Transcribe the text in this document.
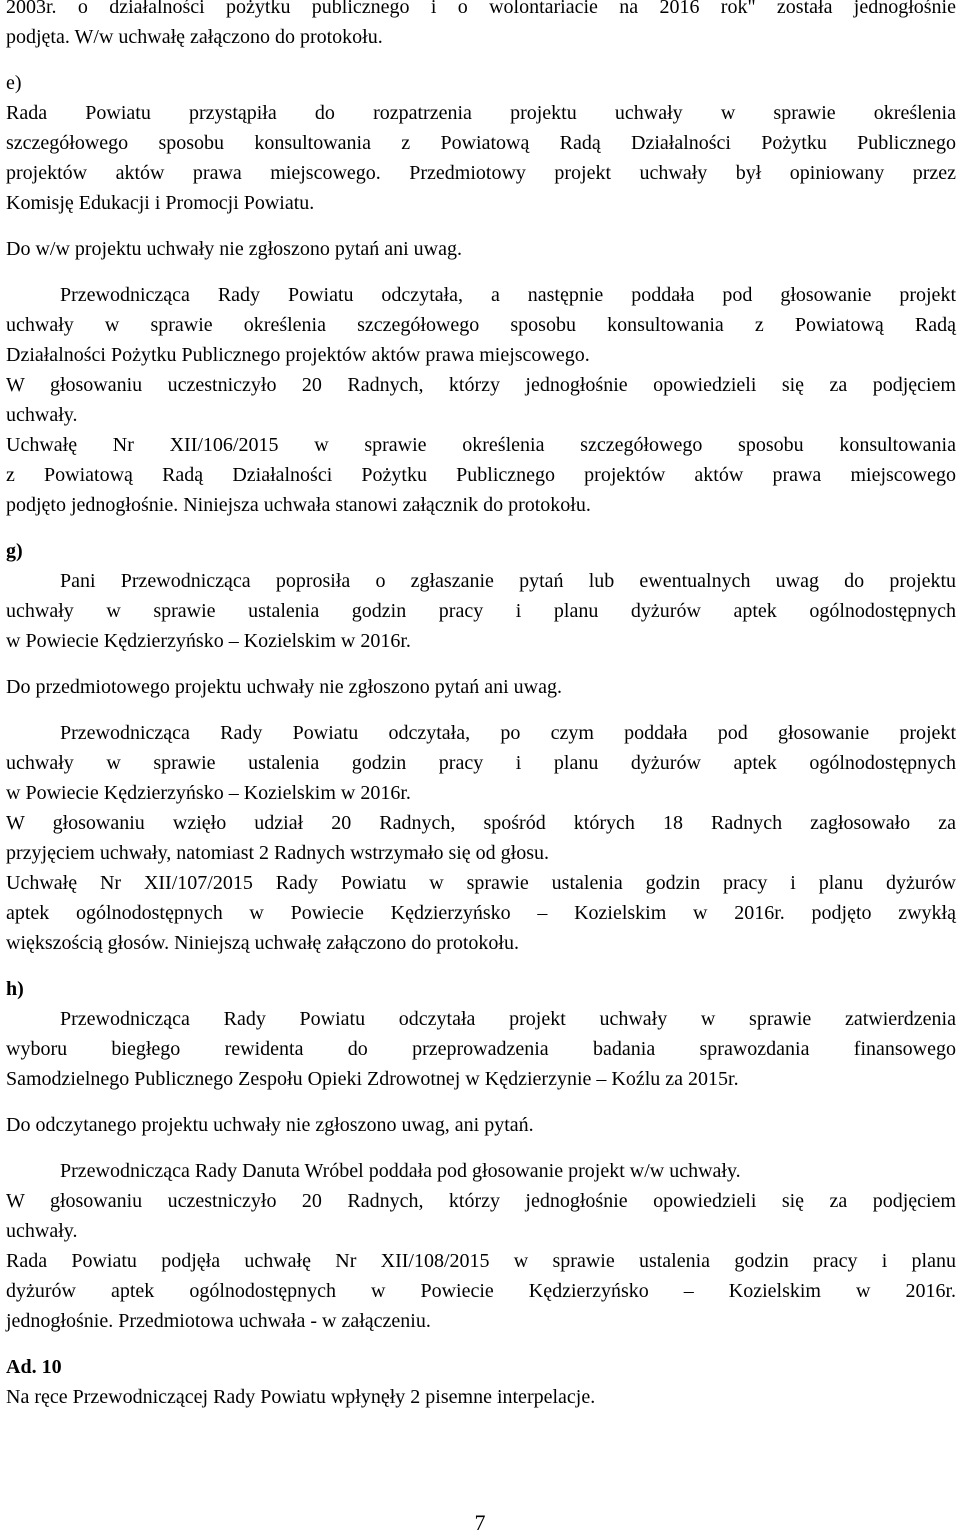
2003r. o działalności pożytku publicznego i o wolontariacie na 2016 rok" została jednogłośnie
podjęta. W/w uchwałę załączono do protokołu.
e)
Rada Powiatu przystąpiła do rozpatrzenia projektu uchwały w sprawie określenia
szczegółowego sposobu konsultowania z Powiatową Radą Działalności Pożytku Publicznego
projektów aktów prawa miejscowego. Przedmiotowy projekt uchwały był opiniowany przez
Komisję Edukacji i Promocji Powiatu.
Do w/w projektu uchwały nie zgłoszono pytań ani uwag.
Przewodnicząca Rady Powiatu odczytała, a następnie poddała pod głosowanie projekt
uchwały w sprawie określenia szczegółowego sposobu konsultowania z Powiatową Radą
Działalności Pożytku Publicznego projektów aktów prawa miejscowego.
W głosowaniu uczestniczyło 20 Radnych, którzy jednogłośnie opowiedzieli się za podjęciem
uchwały.
Uchwałę Nr XII/106/2015 w sprawie określenia szczegółowego sposobu konsultowania
z Powiatową Radą Działalności Pożytku Publicznego projektów aktów prawa miejscowego
podjęto jednogłośnie. Niniejsza uchwała stanowi załącznik do protokołu.
g)
Pani Przewodnicząca poprosiła o zgłaszanie pytań lub ewentualnych uwag do projektu
uchwały w sprawie ustalenia godzin pracy i planu dyżurów aptek ogólnodostępnych
w Powiecie Kędzierzyńsko – Kozielskim w 2016r.
Do przedmiotowego projektu uchwały nie zgłoszono pytań ani uwag.
Przewodnicząca Rady Powiatu odczytała, po czym poddała pod głosowanie projekt
uchwały w sprawie ustalenia godzin pracy i planu dyżurów aptek ogólnodostępnych
w Powiecie Kędzierzyńsko – Kozielskim w 2016r.
W głosowaniu wzięło udział 20 Radnych, spośród których 18 Radnych zagłosowało za
przyjęciem uchwały, natomiast 2 Radnych wstrzymało się od głosu.
Uchwałę Nr XII/107/2015 Rady Powiatu w sprawie ustalenia godzin pracy i planu dyżurów
aptek ogólnodostępnych w Powiecie Kędzierzyńsko – Kozielskim w 2016r. podjęto zwykłą
większością głosów. Niniejszą uchwałę załączono do protokołu.
h)
Przewodnicząca Rady Powiatu odczytała projekt uchwały w sprawie zatwierdzenia
wyboru biegłego rewidenta do przeprowadzenia badania sprawozdania finansowego
Samodzielnego Publicznego Zespołu Opieki Zdrowotnej w Kędzierzynie – Koźlu za 2015r.
Do odczytanego projektu uchwały nie zgłoszono uwag, ani pytań.
Przewodnicząca Rady Danuta Wróbel poddała pod głosowanie projekt w/w uchwały.
W głosowaniu uczestniczyło 20 Radnych, którzy jednogłośnie opowiedzieli się za podjęciem
uchwały.
Rada Powiatu podjęła uchwałę Nr XII/108/2015 w sprawie ustalenia godzin pracy i planu
dyżurów aptek ogólnodostępnych w Powiecie Kędzierzyńsko – Kozielskim w 2016r.
jednogłośnie. Przedmiotowa uchwała - w załączeniu.
Ad. 10
Na ręce Przewodniczącej Rady Powiatu wpłynęły 2 pisemne interpelacje.
7
